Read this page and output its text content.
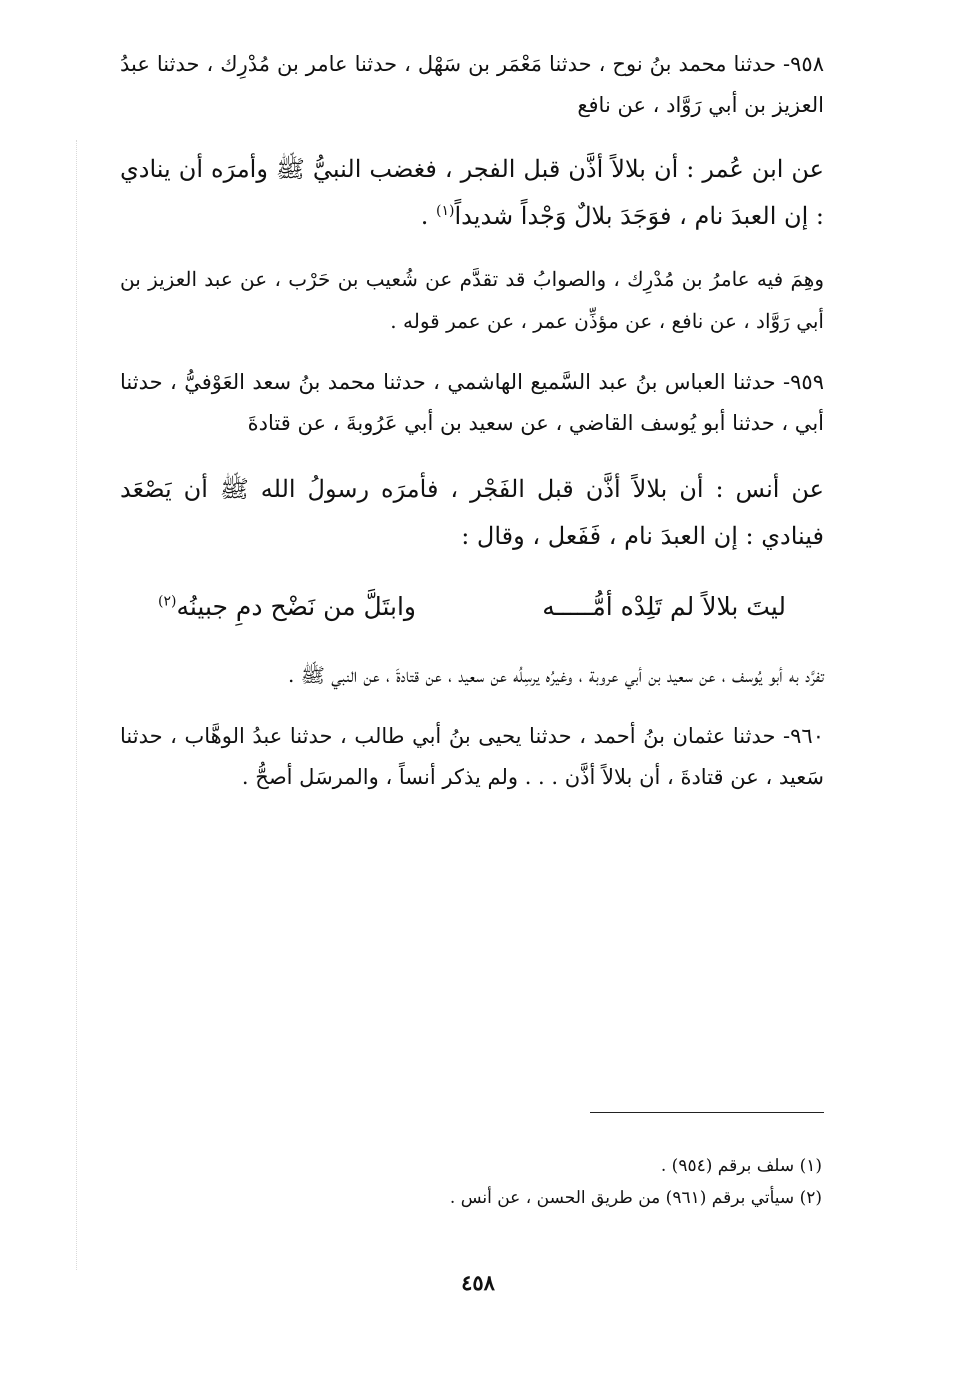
٩٥٨- حدثنا محمد بنُ نوح ، حدثنا مَعْمَر بن سَهْل ، حدثنا عامر بن مُدْرِك ، حدثنا عبدُ العزيز بن أبي رَوَّاد ، عن نافع

عن ابن عُمر : أن بلالاً أذَّن قبل الفجر ، فغضب النبيُّ ﷺ وأمرَه أن ينادي : إن العبدَ نام ، فوَجَدَ بلالٌ وَجْداً شديداً$^{(١)}$ .

وهِمَ فيه عامرُ بن مُدْرِك ، والصوابُ قد تقدَّم عن شُعيب بن حَرْب ، عن عبد العزيز بن أبي رَوَّاد ، عن نافع ، عن مؤذِّن عمر ، عن عمر قوله .

٩٥٩- حدثنا العباس بنُ عبد السَّميع الهاشمي ، حدثنا محمد بنُ سعد العَوْفيُّ ، حدثنا أبي ، حدثنا أبو يُوسف القاضي ، عن سعيد بن أبي عَرُوبةَ ، عن قتادةَ

عن أنس : أن بلالاً أذَّن قبل الفَجْر ، فأمرَه رسولُ الله ﷺ أن يَصْعَد فينادي : إن العبدَ نام ، فَفَعل ، وقال :

ليتَ بلالاً لم تَلِدْه أمُّـــــه
وابتَلَّ من نَضْح دمِ جبينُه$^{(٢)}$

تفرَّد به أبو يُوسف ، عن سعيد بن أبي عروبة ، وغيرُه يرسِلُه عن سعيد ، عن قتادةَ ، عن النبي ﷺ .

٩٦٠- حدثنا عثمان بنُ أحمد ، حدثنا يحيى بنُ أبي طالب ، حدثنا عبدُ الوهَّاب ، حدثنا سَعيد ، عن قتادةَ ، أن بلالاً أذَّن . . . ولم يذكر أنساً ، والمرسَل أصحُّ .

(١) سلف برقم (٩٥٤) .
(٢) سيأتي برقم (٩٦١) من طريق الحسن ، عن أنس .
٤٥٨
